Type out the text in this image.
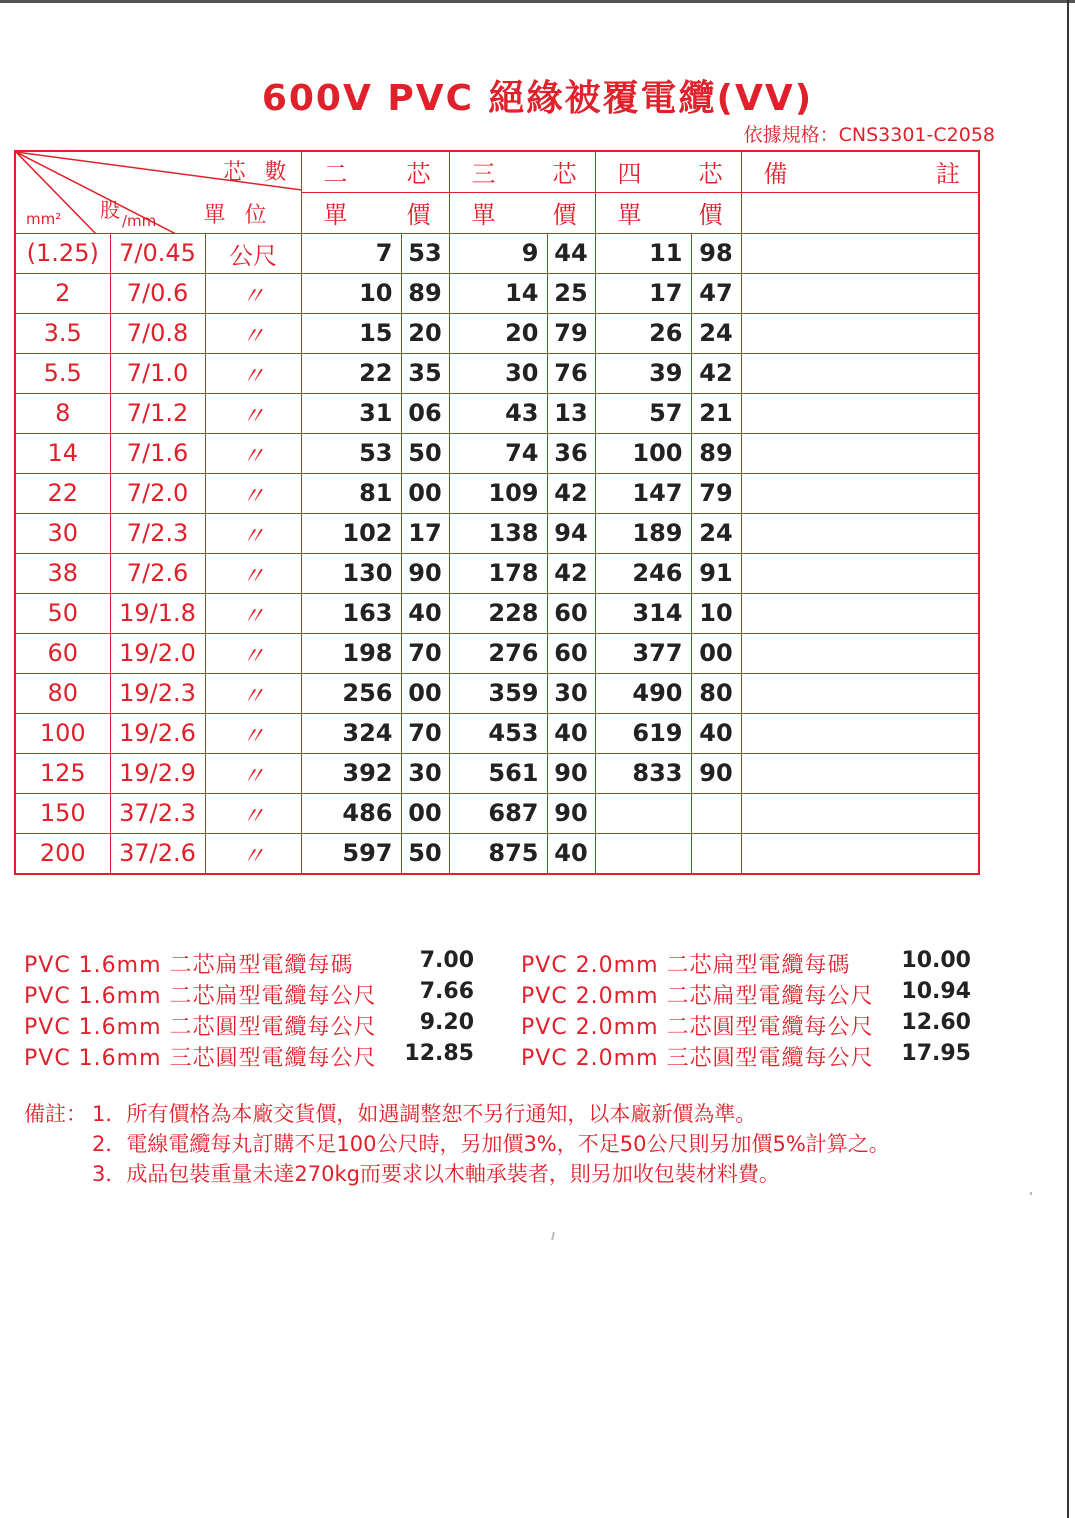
600V PVC 絕緣被覆電纜(VV)
依據規格：CNS3301-C2058
芯 數
單 位
mm² 股 /mm			二 芯		三 芯		四 芯		備 註

			單 價		單 價		單 價		

(1.25)	7/0.45	公尺	7	53	9	44	11	98	
2	7/0.6	〃	10	89	14	25	17	47	
3.5	7/0.8	〃	15	20	20	79	26	24	
5.5	7/1.0	〃	22	35	30	76	39	42	
8	7/1.2	〃	31	06	43	13	57	21	
14	7/1.6	〃	53	50	74	36	100	89	
22	7/2.0	〃	81	00	109	42	147	79	
30	7/2.3	〃	102	17	138	94	189	24	
38	7/2.6	〃	130	90	178	42	246	91	
50	19/1.8	〃	163	40	228	60	314	10	
60	19/2.0	〃	198	70	276	60	377	00	
80	19/2.3	〃	256	00	359	30	490	80	
100	19/2.6	〃	324	70	453	40	619	40	
125	19/2.9	〃	392	30	561	90	833	90	
150	37/2.3	〃	486	00	687	90			
200	37/2.6	〃	597	50	875	40			
PVC 1.6mm 二芯扁型電纜每碼	7.00 PVC 2.0mm 二芯扁型電纜每碼	10.00
PVC 1.6mm 二芯扁型電纜每公尺	7.66 PVC 2.0mm 二芯扁型電纜每公尺	10.94
PVC 1.6mm 二芯圓型電纜每公尺	9.20 PVC 2.0mm 二芯圓型電纜每公尺	12.60
PVC 1.6mm 三芯圓型電纜每公尺	12.85 PVC 2.0mm 三芯圓型電纜每公尺	17.95
備註： 1．所有價格為本廠交貨價，如遇調整恕不另行通知，以本廠新價為準。
2．電線電纜每丸訂購不足100公尺時，另加價3%，不足50公尺則另加價5%計算之。
3．成品包裝重量未達270kg而要求以木軸承裝者，則另加收包裝材料費。
